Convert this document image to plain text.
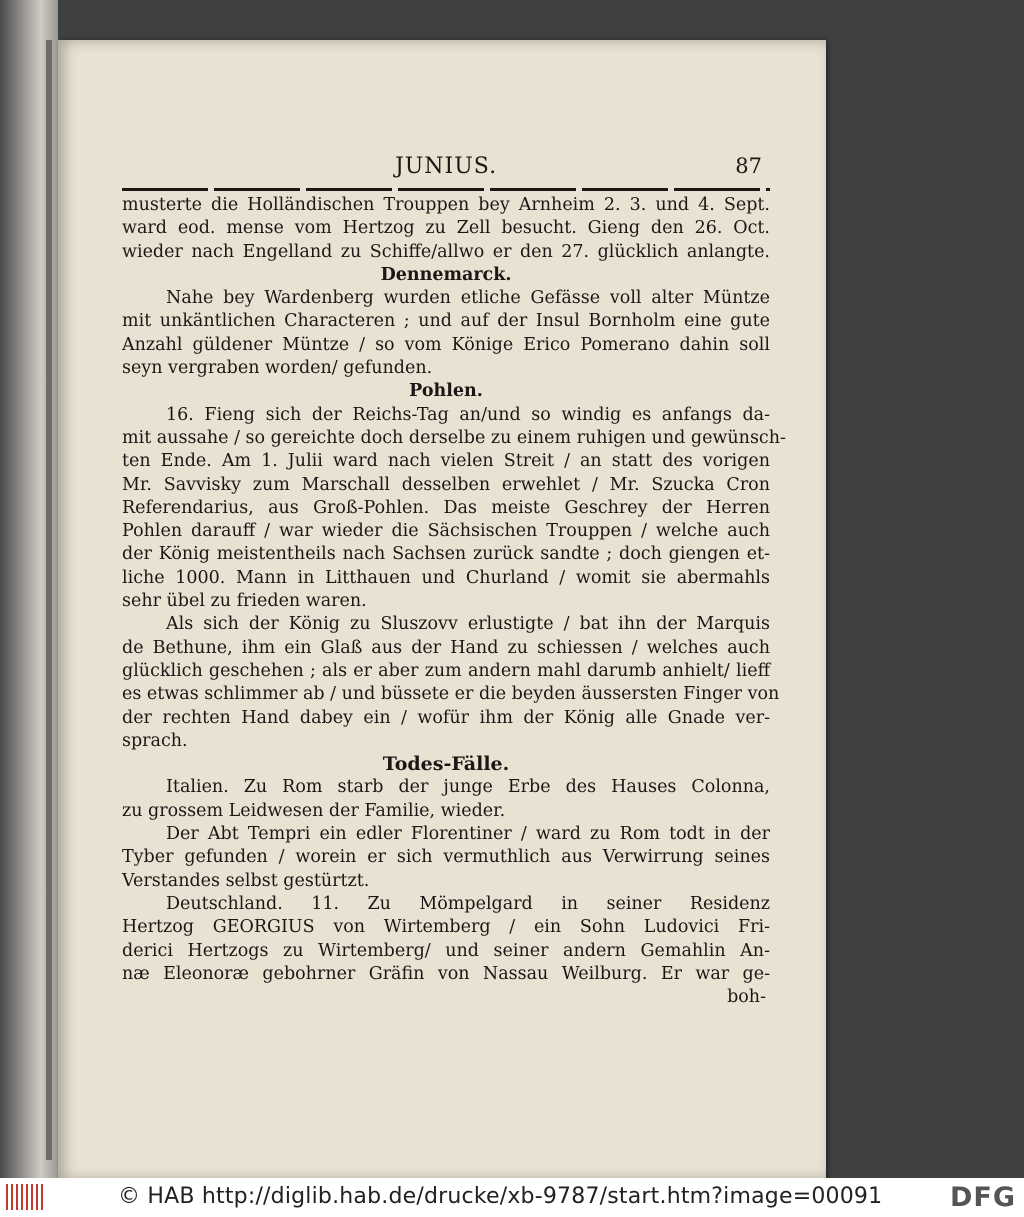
JUNIUS.	87
musterte die Holländischen Trouppen bey Arnheim 2. 3. und 4. Sept.
ward eod. mense vom Hertzog zu Zell besucht. Gieng den 26. Oct.
wieder nach Engelland zu Schiffe/allwo er den 27. glücklich anlangte.
Dennemarck.
Nahe bey Wardenberg wurden etliche Gefässe voll alter Müntze
mit unkäntlichen Characteren ; und auf der Insul Bornholm eine gute
Anzahl güldener Müntze / so vom Könige Erico Pomerano dahin soll
seyn vergraben worden/ gefunden.
Pohlen.
16. Fieng sich der Reichs-Tag an/und so windig es anfangs da-
mit aussahe / so gereichte doch derselbe zu einem ruhigen und gewünsch-
ten Ende. Am 1. Julii ward nach vielen Streit / an statt des vorigen
Mr. Savvisky zum Marschall desselben erwehlet / Mr. Szucka Cron
Referendarius, aus Groß-Pohlen. Das meiste Geschrey der Herren
Pohlen darauff / war wieder die Sächsischen Trouppen / welche auch
der König meistentheils nach Sachsen zurück sandte ; doch giengen et-
liche 1000. Mann in Litthauen und Churland / womit sie abermahls
sehr übel zu frieden waren.
Als sich der König zu Sluszovv erlustigte / bat ihn der Marquis
de Bethune, ihm ein Glaß aus der Hand zu schiessen / welches auch
glücklich geschehen ; als er aber zum andern mahl darumb anhielt/ lieff
es etwas schlimmer ab / und büssete er die beyden äussersten Finger von
der rechten Hand dabey ein / wofür ihm der König alle Gnade ver-
sprach.
Todes-Fälle.
Italien. Zu Rom starb der junge Erbe des Hauses Colonna,
zu grossem Leidwesen der Familie, wieder.
Der Abt Tempri ein edler Florentiner / ward zu Rom todt in der
Tyber gefunden / worein er sich vermuthlich aus Verwirrung seines
Verstandes selbst gestürtzt.
Deutschland. 11. Zu Mömpelgard in seiner Residenz
Hertzog GEORGIUS von Wirtemberg / ein Sohn Ludovici Fri-
derici Hertzogs zu Wirtemberg/ und seiner andern Gemahlin An-
næ Eleonoræ gebohrner Gräfin von Nassau Weilburg. Er war ge-
boh-
© HAB http://diglib.hab.de/drucke/xb-9787/start.htm?image=00091	DFG
